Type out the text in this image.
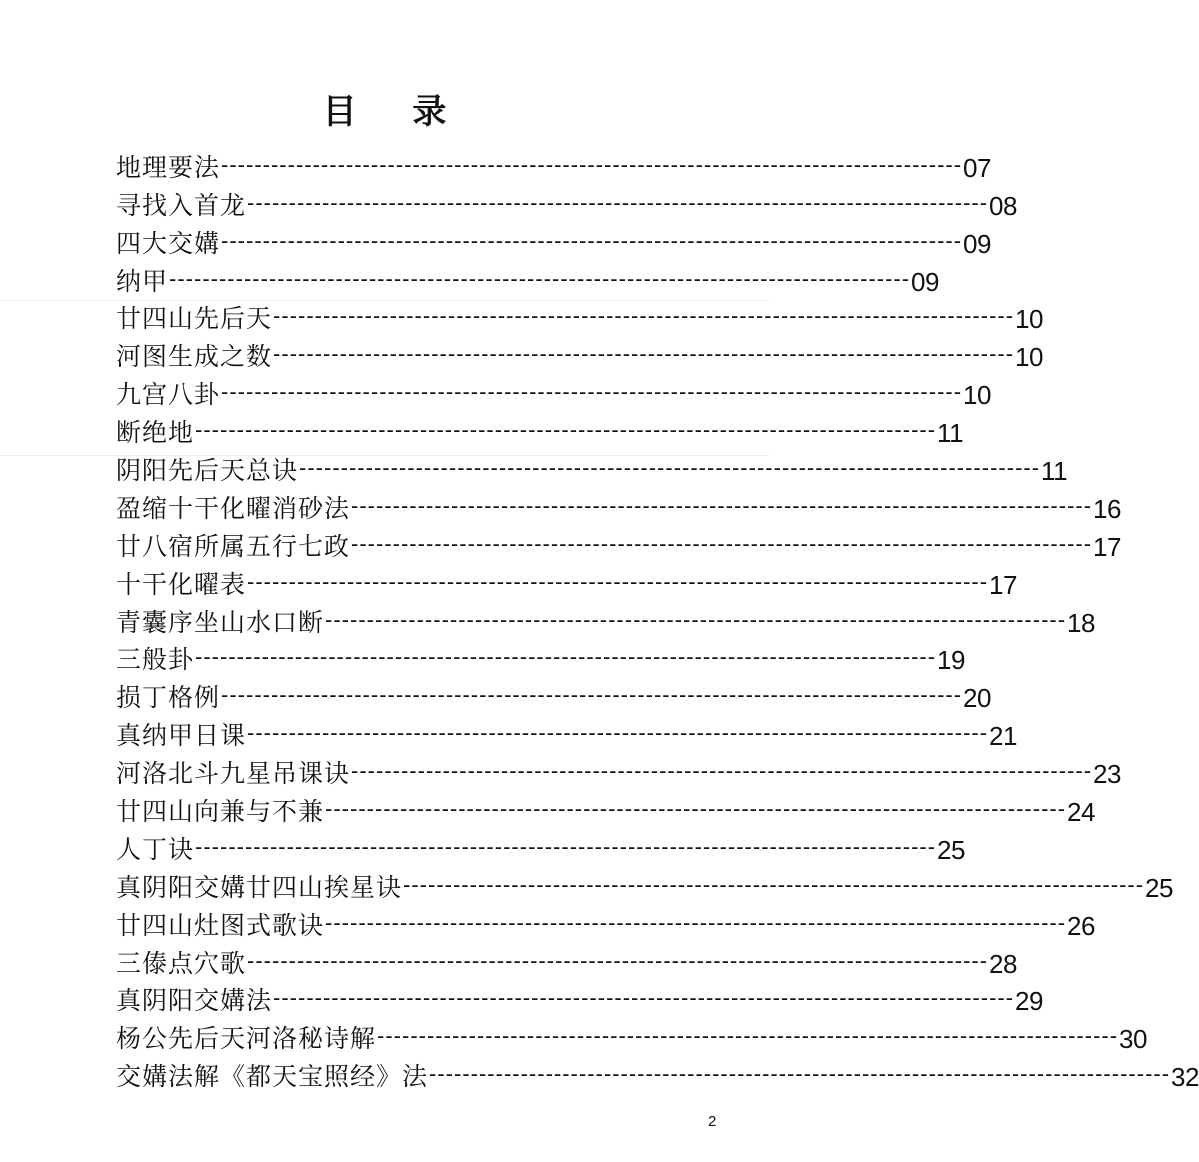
目 录
地理要法 ----------------------------------------------------------------------------------------- 07
寻找入首龙 ----------------------------------------------------------------------------------------- 08
四大交媾 ----------------------------------------------------------------------------------------- 09
纳甲 ----------------------------------------------------------------------------------------- 09
廿四山先后天 ----------------------------------------------------------------------------------------- 10
河图生成之数 ----------------------------------------------------------------------------------------- 10
九宫八卦 ----------------------------------------------------------------------------------------- 10
断绝地 ----------------------------------------------------------------------------------------- 11
阴阳先后天总诀 ----------------------------------------------------------------------------------------- 11
盈缩十干化曜消砂法 ----------------------------------------------------------------------------------------- 16
廿八宿所属五行七政 ----------------------------------------------------------------------------------------- 17
十干化曜表 ----------------------------------------------------------------------------------------- 17
青囊序坐山水口断 ----------------------------------------------------------------------------------------- 18
三般卦 ----------------------------------------------------------------------------------------- 19
损丁格例 ----------------------------------------------------------------------------------------- 20
真纳甲日课 ----------------------------------------------------------------------------------------- 21
河洛北斗九星吊课诀 ----------------------------------------------------------------------------------------- 23
廿四山向兼与不兼 ----------------------------------------------------------------------------------------- 24
人丁诀 ----------------------------------------------------------------------------------------- 25
真阴阳交媾廿四山挨星诀 ----------------------------------------------------------------------------------------- 25
廿四山灶图式歌诀 ----------------------------------------------------------------------------------------- 26
三傣点穴歌 ----------------------------------------------------------------------------------------- 28
真阴阳交媾法 ----------------------------------------------------------------------------------------- 29
杨公先后天河洛秘诗解 ----------------------------------------------------------------------------------------- 30
交媾法解《都天宝照经》法 ----------------------------------------------------------------------------------------- 32
2
